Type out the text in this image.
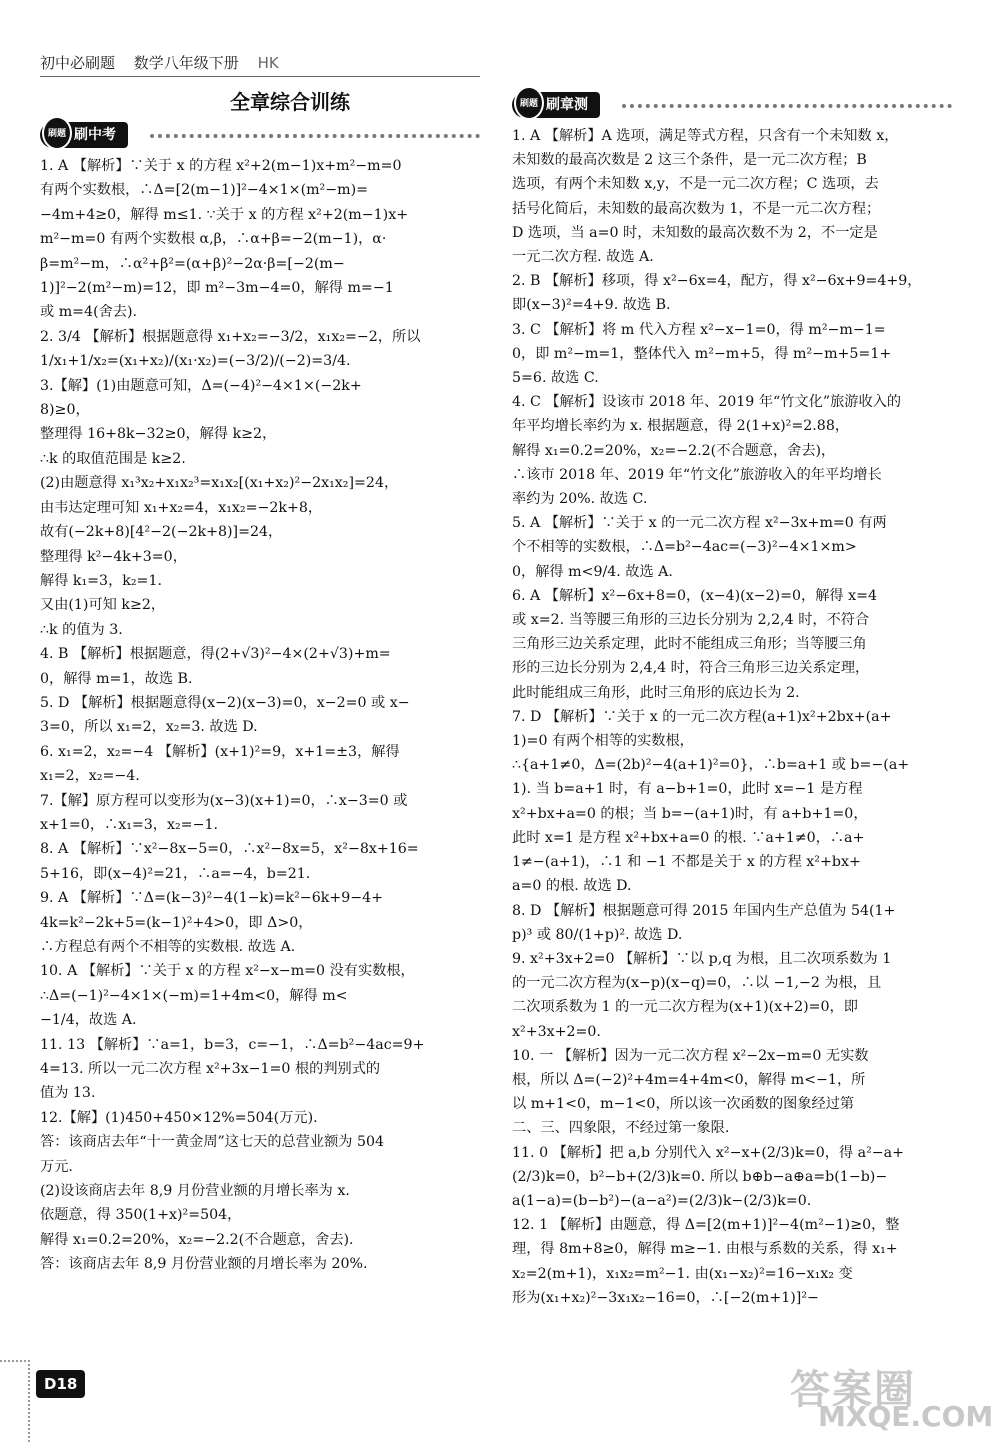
初中必刷题 数学八年级下册 HK
全章综合训练
刷题 刷中考
刷题 刷章测

1. A 【解析】∵关于 x 的方程 x²+2(m−1)x+m²−m=0

有两个实数根，∴Δ=[2(m−1)]²−4×1×(m²−m)=

−4m+4≥0，解得 m≤1. ∵关于 x 的方程 x²+2(m−1)x+

m²−m=0 有两个实数根 α,β，∴α+β=−2(m−1)，α·

β=m²−m，∴α²+β²=(α+β)²−2α·β=[−2(m−

1)]²−2(m²−m)=12，即 m²−3m−4=0，解得 m=−1

或 m=4(舍去).

2. 3/4 【解析】根据题意得 x₁+x₂=−3/2，x₁x₂=−2，所以

1/x₁+1/x₂=(x₁+x₂)/(x₁·x₂)=(−3/2)/(−2)=3/4.

3.【解】(1)由题意可知，Δ=(−4)²−4×1×(−2k+

8)≥0，

整理得 16+8k−32≥0，解得 k≥2，

∴k 的取值范围是 k≥2.

(2)由题意得 x₁³x₂+x₁x₂³=x₁x₂[(x₁+x₂)²−2x₁x₂]=24，

由韦达定理可知 x₁+x₂=4，x₁x₂=−2k+8，

故有(−2k+8)[4²−2(−2k+8)]=24，

整理得 k²−4k+3=0，

解得 k₁=3，k₂=1.

又由(1)可知 k≥2，

∴k 的值为 3.

4. B 【解析】根据题意，得(2+√3)²−4×(2+√3)+m=

0，解得 m=1，故选 B.

5. D 【解析】根据题意得(x−2)(x−3)=0，x−2=0 或 x−

3=0，所以 x₁=2，x₂=3. 故选 D.

6. x₁=2，x₂=−4 【解析】(x+1)²=9，x+1=±3，解得

x₁=2，x₂=−4.

7.【解】原方程可以变形为(x−3)(x+1)=0，∴x−3=0 或

x+1=0，∴x₁=3，x₂=−1.

8. A 【解析】∵x²−8x−5=0，∴x²−8x=5，x²−8x+16=

5+16，即(x−4)²=21，∴a=−4，b=21.

9. A 【解析】∵Δ=(k−3)²−4(1−k)=k²−6k+9−4+

4k=k²−2k+5=(k−1)²+4>0，即 Δ>0，

∴方程总有两个不相等的实数根. 故选 A.

10. A 【解析】∵关于 x 的方程 x²−x−m=0 没有实数根，

∴Δ=(−1)²−4×1×(−m)=1+4m<0，解得 m<

−1/4，故选 A.

11. 13 【解析】∵a=1，b=3，c=−1，∴Δ=b²−4ac=9+

4=13. 所以一元二次方程 x²+3x−1=0 根的判别式的

值为 13.

12.【解】(1)450+450×12%=504(万元).

答：该商店去年“十一黄金周”这七天的总营业额为 504

万元.

(2)设该商店去年 8,9 月份营业额的月增长率为 x.

依题意，得 350(1+x)²=504，

解得 x₁=0.2=20%，x₂=−2.2(不合题意，舍去).

答：该商店去年 8,9 月份营业额的月增长率为 20%.

1. A 【解析】A 选项，满足等式方程，只含有一个未知数 x，

未知数的最高次数是 2 这三个条件，是一元二次方程；B

选项，有两个未知数 x,y，不是一元二次方程；C 选项，去

括号化简后，未知数的最高次数为 1，不是一元二次方程；

D 选项，当 a=0 时，未知数的最高次数不为 2，不一定是

一元二次方程. 故选 A.

2. B 【解析】移项，得 x²−6x=4，配方，得 x²−6x+9=4+9，

即(x−3)²=4+9. 故选 B.

3. C 【解析】将 m 代入方程 x²−x−1=0，得 m²−m−1=

0，即 m²−m=1，整体代入 m²−m+5，得 m²−m+5=1+

5=6. 故选 C.

4. C 【解析】设该市 2018 年、2019 年“竹文化”旅游收入的

年平均增长率约为 x. 根据题意，得 2(1+x)²=2.88，

解得 x₁=0.2=20%，x₂=−2.2(不合题意，舍去)，

∴该市 2018 年、2019 年“竹文化”旅游收入的年平均增长

率约为 20%. 故选 C.

5. A 【解析】∵关于 x 的一元二次方程 x²−3x+m=0 有两

个不相等的实数根，∴Δ=b²−4ac=(−3)²−4×1×m>

0，解得 m<9/4. 故选 A.

6. A 【解析】x²−6x+8=0，(x−4)(x−2)=0，解得 x=4

或 x=2. 当等腰三角形的三边长分别为 2,2,4 时，不符合

三角形三边关系定理，此时不能组成三角形；当等腰三角

形的三边长分别为 2,4,4 时，符合三角形三边关系定理，

此时能组成三角形，此时三角形的底边长为 2.

7. D 【解析】∵关于 x 的一元二次方程(a+1)x²+2bx+(a+

1)=0 有两个相等的实数根，

∴{a+1≠0，Δ=(2b)²−4(a+1)²=0}，∴b=a+1 或 b=−(a+

1). 当 b=a+1 时，有 a−b+1=0，此时 x=−1 是方程

x²+bx+a=0 的根；当 b=−(a+1)时，有 a+b+1=0，

此时 x=1 是方程 x²+bx+a=0 的根. ∵a+1≠0，∴a+

1≠−(a+1)，∴1 和 −1 不都是关于 x 的方程 x²+bx+

a=0 的根. 故选 D.

8. D 【解析】根据题意可得 2015 年国内生产总值为 54(1+

p)³ 或 80/(1+p)². 故选 D.

9. x²+3x+2=0 【解析】∵以 p,q 为根，且二次项系数为 1

的一元二次方程为(x−p)(x−q)=0，∴以 −1,−2 为根，且

二次项系数为 1 的一元二次方程为(x+1)(x+2)=0，即

x²+3x+2=0.

10. 一 【解析】因为一元二次方程 x²−2x−m=0 无实数

根，所以 Δ=(−2)²+4m=4+4m<0，解得 m<−1，所

以 m+1<0，m−1<0，所以该一次函数的图象经过第

二、三、四象限，不经过第一象限.

11. 0 【解析】把 a,b 分别代入 x²−x+(2/3)k=0，得 a²−a+

(2/3)k=0，b²−b+(2/3)k=0. 所以 b⊕b−a⊕a=b(1−b)−

a(1−a)=(b−b²)−(a−a²)=(2/3)k−(2/3)k=0.

12. 1 【解析】由题意，得 Δ=[2(m+1)]²−4(m²−1)≥0，整

理，得 8m+8≥0，解得 m≥−1. 由根与系数的关系，得 x₁+

x₂=2(m+1)，x₁x₂=m²−1. 由(x₁−x₂)²=16−x₁x₂ 变

形为(x₁+x₂)²−3x₁x₂−16=0，∴[−2(m+1)]²−

D18	答案圈
MXQE.COM
